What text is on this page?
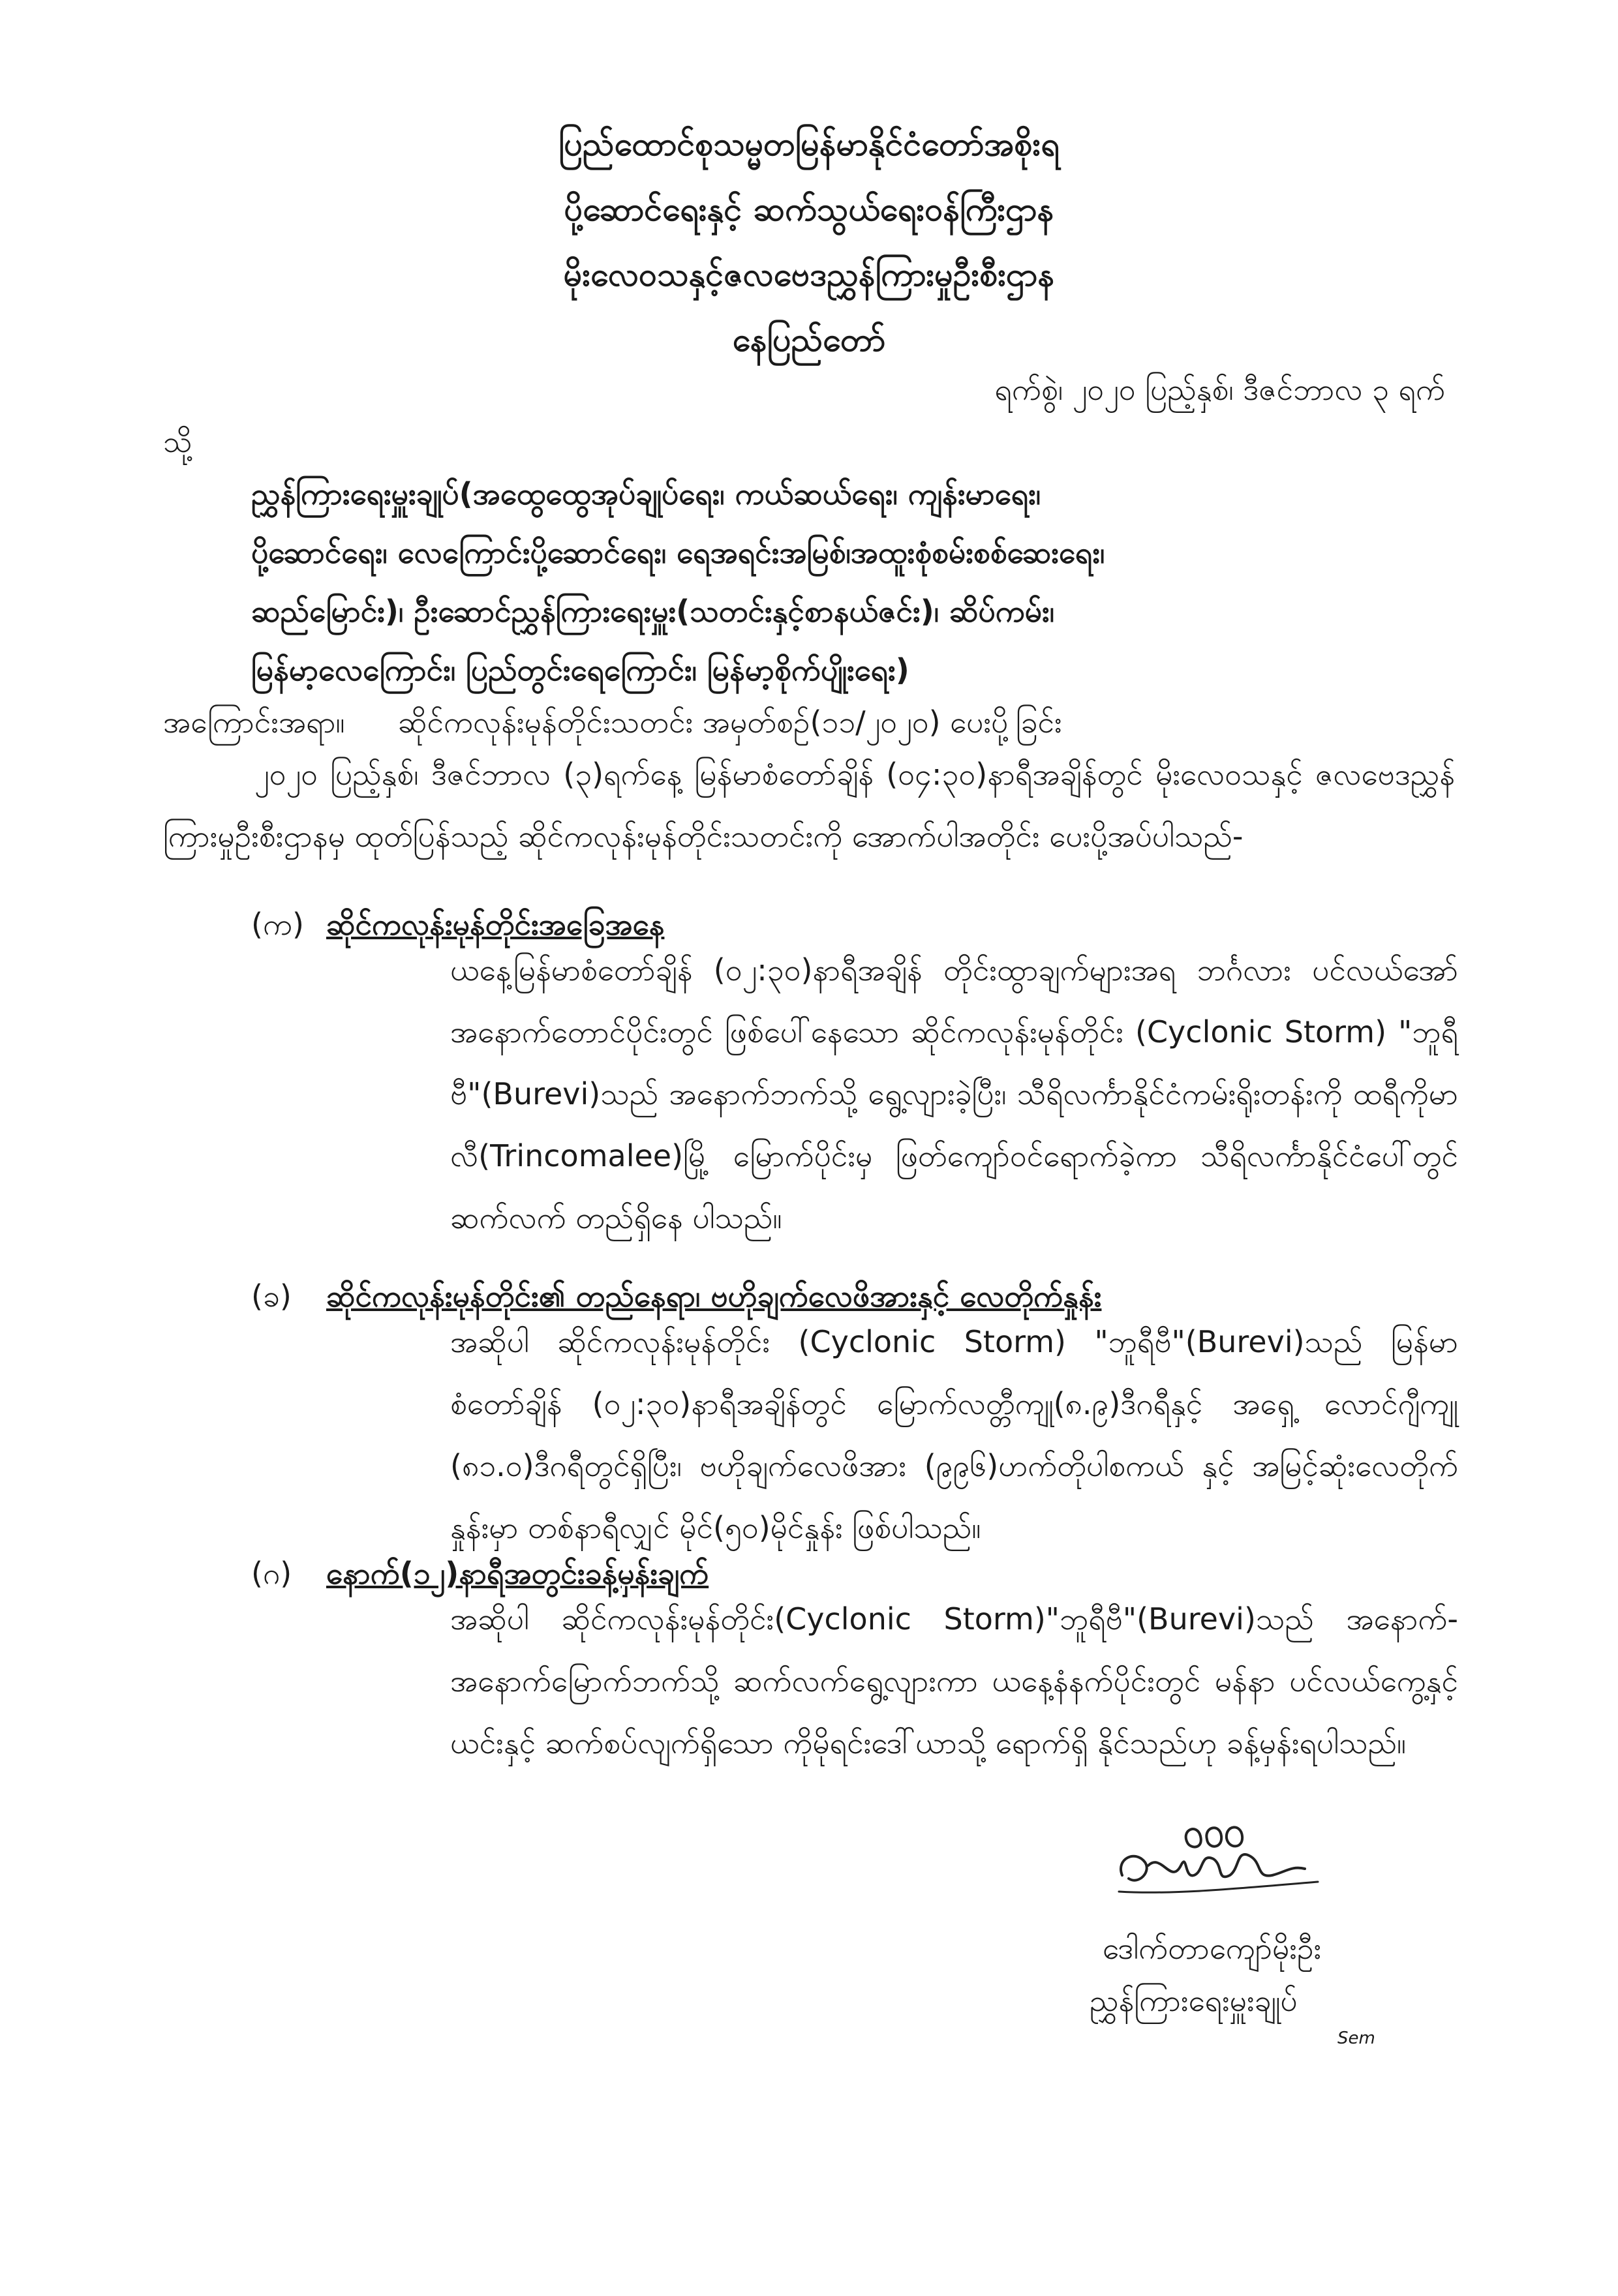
ပြည်ထောင်စုသမ္မတမြန်မာနိုင်ငံတော်အစိုးရ
ပို့ဆောင်ရေးနှင့် ဆက်သွယ်ရေးဝန်ကြီးဌာန
မိုးလေဝသနှင့်ဇလဗေဒညွှန်ကြားမှုဦးစီးဌာန
နေပြည်တော်
ရက်စွဲ၊ ၂၀၂၀ ပြည့်နှစ်၊ ဒီဇင်ဘာလ ၃ ရက်
သို့
ညွှန်ကြားရေးမှူးချုပ်(အထွေထွေအုပ်ချုပ်ရေး၊ ကယ်ဆယ်ရေး၊ ကျန်းမာရေး၊
ပို့ဆောင်ရေး၊ လေကြောင်းပို့ဆောင်ရေး၊ ရေအရင်းအမြစ်၊အထူးစုံစမ်းစစ်ဆေးရေး၊
ဆည်မြောင်း)၊ ဦးဆောင်ညွှန်ကြားရေးမှူး(သတင်းနှင့်စာနယ်ဇင်း)၊ ဆိပ်ကမ်း၊
မြန်မာ့လေကြောင်း၊ ပြည်တွင်းရေကြောင်း၊ မြန်မာ့စိုက်ပျိုးရေး)
အကြောင်းအရာ။ ဆိုင်ကလုန်းမုန်တိုင်းသတင်း အမှတ်စဉ်(၁၁/၂၀၂၀) ပေးပို့ခြင်း
၂၀၂၀ ပြည့်နှစ်၊ ဒီဇင်ဘာလ (၃)ရက်နေ့ မြန်မာစံတော်ချိန် (၀၄:၃၀)နာရီအချိန်တွင် မိုးလေဝသနှင့် ဇလဗေဒညွှန်ကြားမှုဦးစီးဌာနမှ ထုတ်ပြန်သည့် ဆိုင်ကလုန်းမုန်တိုင်းသတင်းကို အောက်ပါအတိုင်း ပေးပို့အပ်ပါသည်-
(က) ဆိုင်ကလုန်းမုန်တိုင်းအခြေအနေ
ယနေ့မြန်မာစံတော်ချိန် (၀၂:၃၀)နာရီအချိန် တိုင်းထွာချက်များအရ ဘင်္ဂလား ပင်လယ်အော်အနောက်တောင်ပိုင်းတွင် ဖြစ်ပေါ်နေသော ဆိုင်ကလုန်းမုန်တိုင်း (Cyclonic Storm) "ဘူရီဗီ"(Burevi)သည် အနောက်ဘက်သို့ ရွေ့လျားခဲ့ပြီး၊ သီရိလင်္ကာနိုင်ငံကမ်းရိုးတန်းကို ထရီကိုမာလီ(Trincomalee)မြို့ မြောက်ပိုင်းမှ ဖြတ်ကျော်ဝင်ရောက်ခဲ့ကာ သီရိလင်္ကာနိုင်ငံပေါ်တွင် ဆက်လက် တည်ရှိနေ ပါသည်။
(ခ) ဆိုင်ကလုန်းမုန်တိုင်း၏ တည်နေရာ၊ ဗဟိုချက်လေဖိအားနှင့် လေတိုက်နှုန်း
အဆိုပါ ဆိုင်ကလုန်းမုန်တိုင်း (Cyclonic Storm) "ဘူရီဗီ"(Burevi)သည် မြန်မာစံတော်ချိန် (၀၂:၃၀)နာရီအချိန်တွင် မြောက်လတ္တီကျု(၈.၉)ဒီဂရီနှင့် အရှေ့ လောင်ဂျီကျု (၈၁.၀)ဒီဂရီတွင်ရှိပြီး၊ ဗဟိုချက်လေဖိအား (၉၉၆)ဟက်တိုပါစကယ် နှင့် အမြင့်ဆုံးလေတိုက်နှုန်းမှာ တစ်နာရီလျှင် မိုင်(၅၀)မိုင်နှုန်း ဖြစ်ပါသည်။
(ဂ) နောက်(၁၂)နာရီအတွင်းခန့်မှန်းချက်
အဆိုပါ ဆိုင်ကလုန်းမုန်တိုင်း(Cyclonic Storm)"ဘူရီဗီ"(Burevi)သည် အနောက်- အနောက်မြောက်ဘက်သို့ ဆက်လက်ရွေ့လျားကာ ယနေ့နံနက်ပိုင်းတွင် မန်နာ ပင်လယ်ကွေ့နှင့် ယင်းနှင့် ဆက်စပ်လျက်ရှိသော ကိုမိုရင်းဒေါ်ယာသို့ ရောက်ရှိ နိုင်သည်ဟု ခန့်မှန်းရပါသည်။
ဒေါက်တာကျော်မိုးဦး
ညွှန်ကြားရေးမှူးချုပ်
Sem
